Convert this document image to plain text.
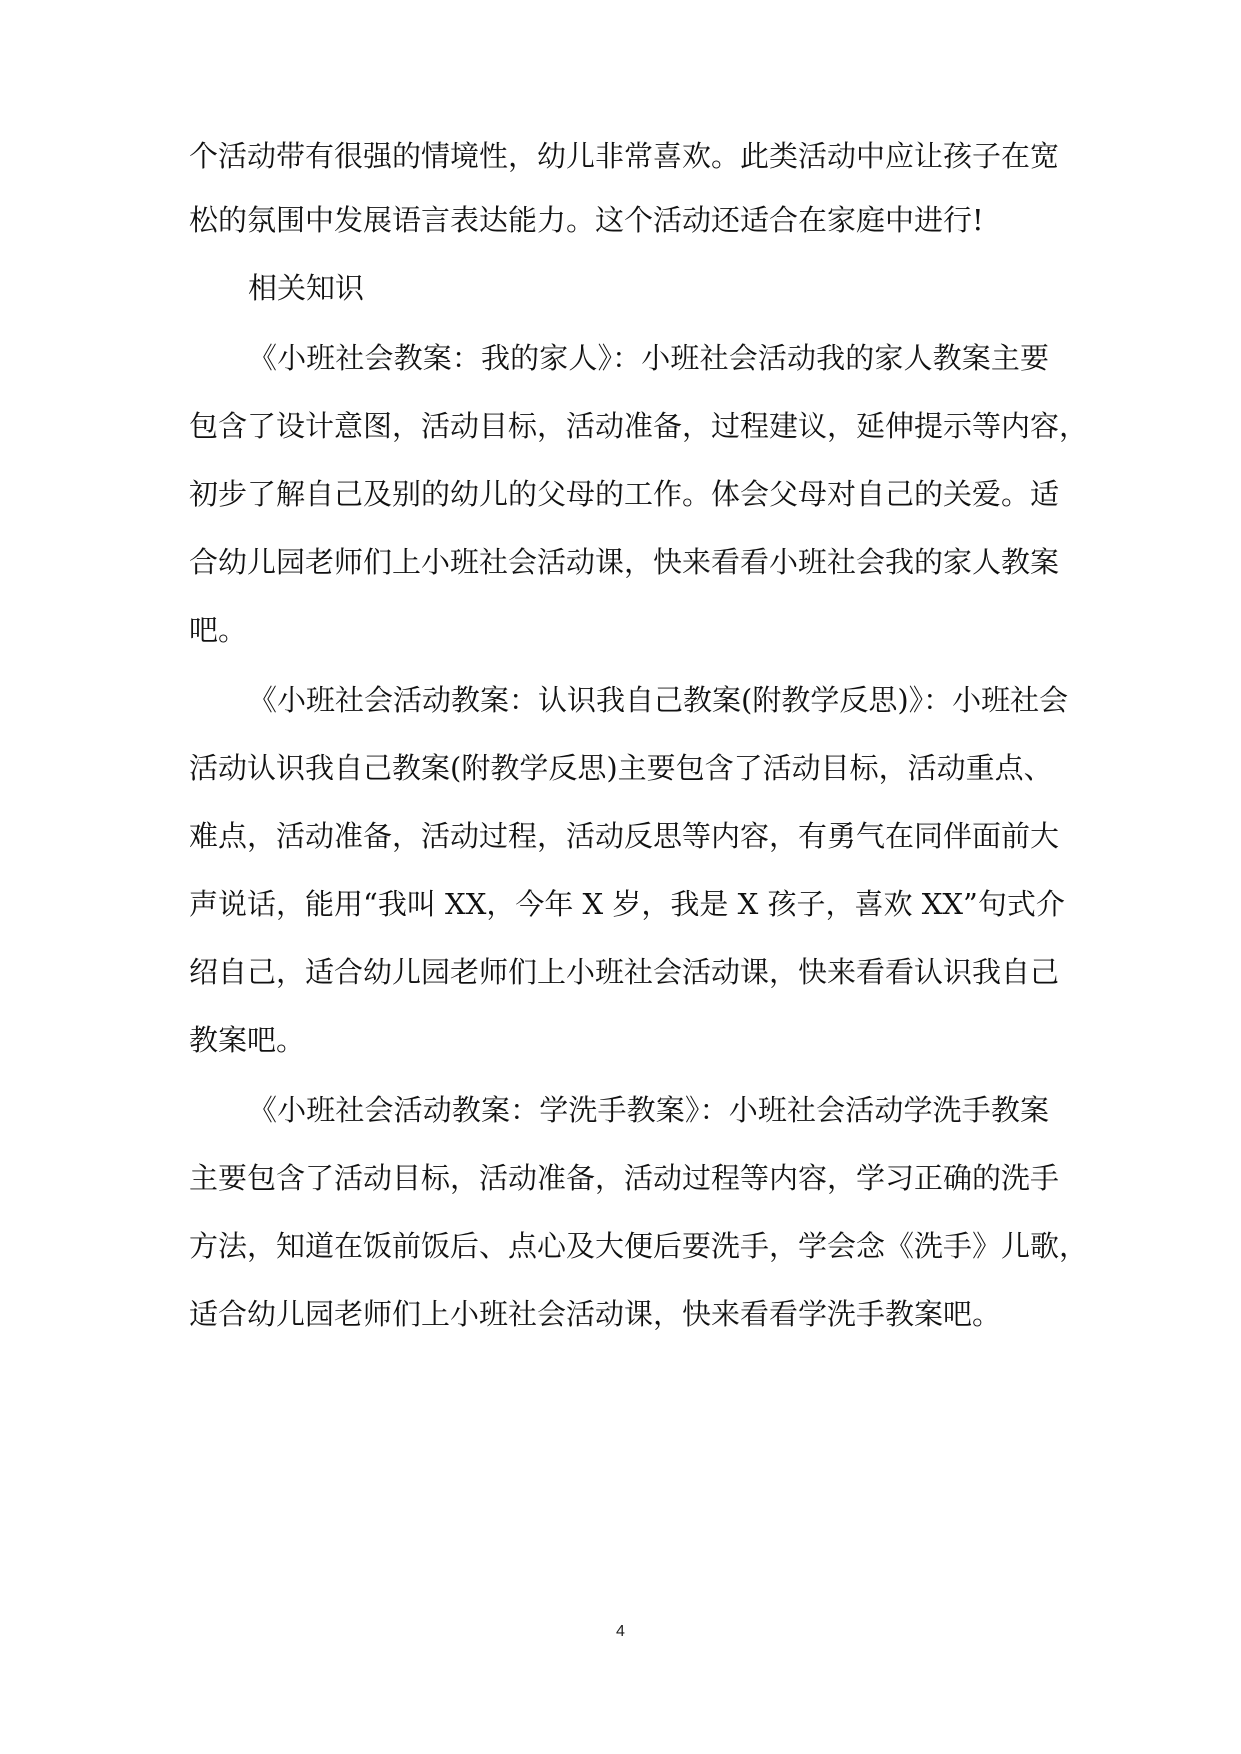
个活动带有很强的情境性，幼儿非常喜欢。此类活动中应让孩子在宽
松的氛围中发展语言表达能力。这个活动还适合在家庭中进行!
相关知识
《小班社会教案：我的家人》：小班社会活动我的家人教案主要
包含了设计意图，活动目标，活动准备，过程建议，延伸提示等内容，
初步了解自己及别的幼儿的父母的工作。体会父母对自己的关爱。适
合幼儿园老师们上小班社会活动课，快来看看小班社会我的家人教案
吧。
《小班社会活动教案：认识我自己教案(附教学反思)》：小班社会
活动认识我自己教案(附教学反思)主要包含了活动目标，活动重点、
难点，活动准备，活动过程，活动反思等内容，有勇气在同伴面前大
声说话，能用“我叫 XX，今年 X 岁，我是 X 孩子，喜欢 XX”句式介
绍自己，适合幼儿园老师们上小班社会活动课，快来看看认识我自己
教案吧。
《小班社会活动教案：学洗手教案》：小班社会活动学洗手教案
主要包含了活动目标，活动准备，活动过程等内容，学习正确的洗手
方法，知道在饭前饭后、点心及大便后要洗手，学会念《洗手》儿歌，
适合幼儿园老师们上小班社会活动课，快来看看学洗手教案吧。
4
